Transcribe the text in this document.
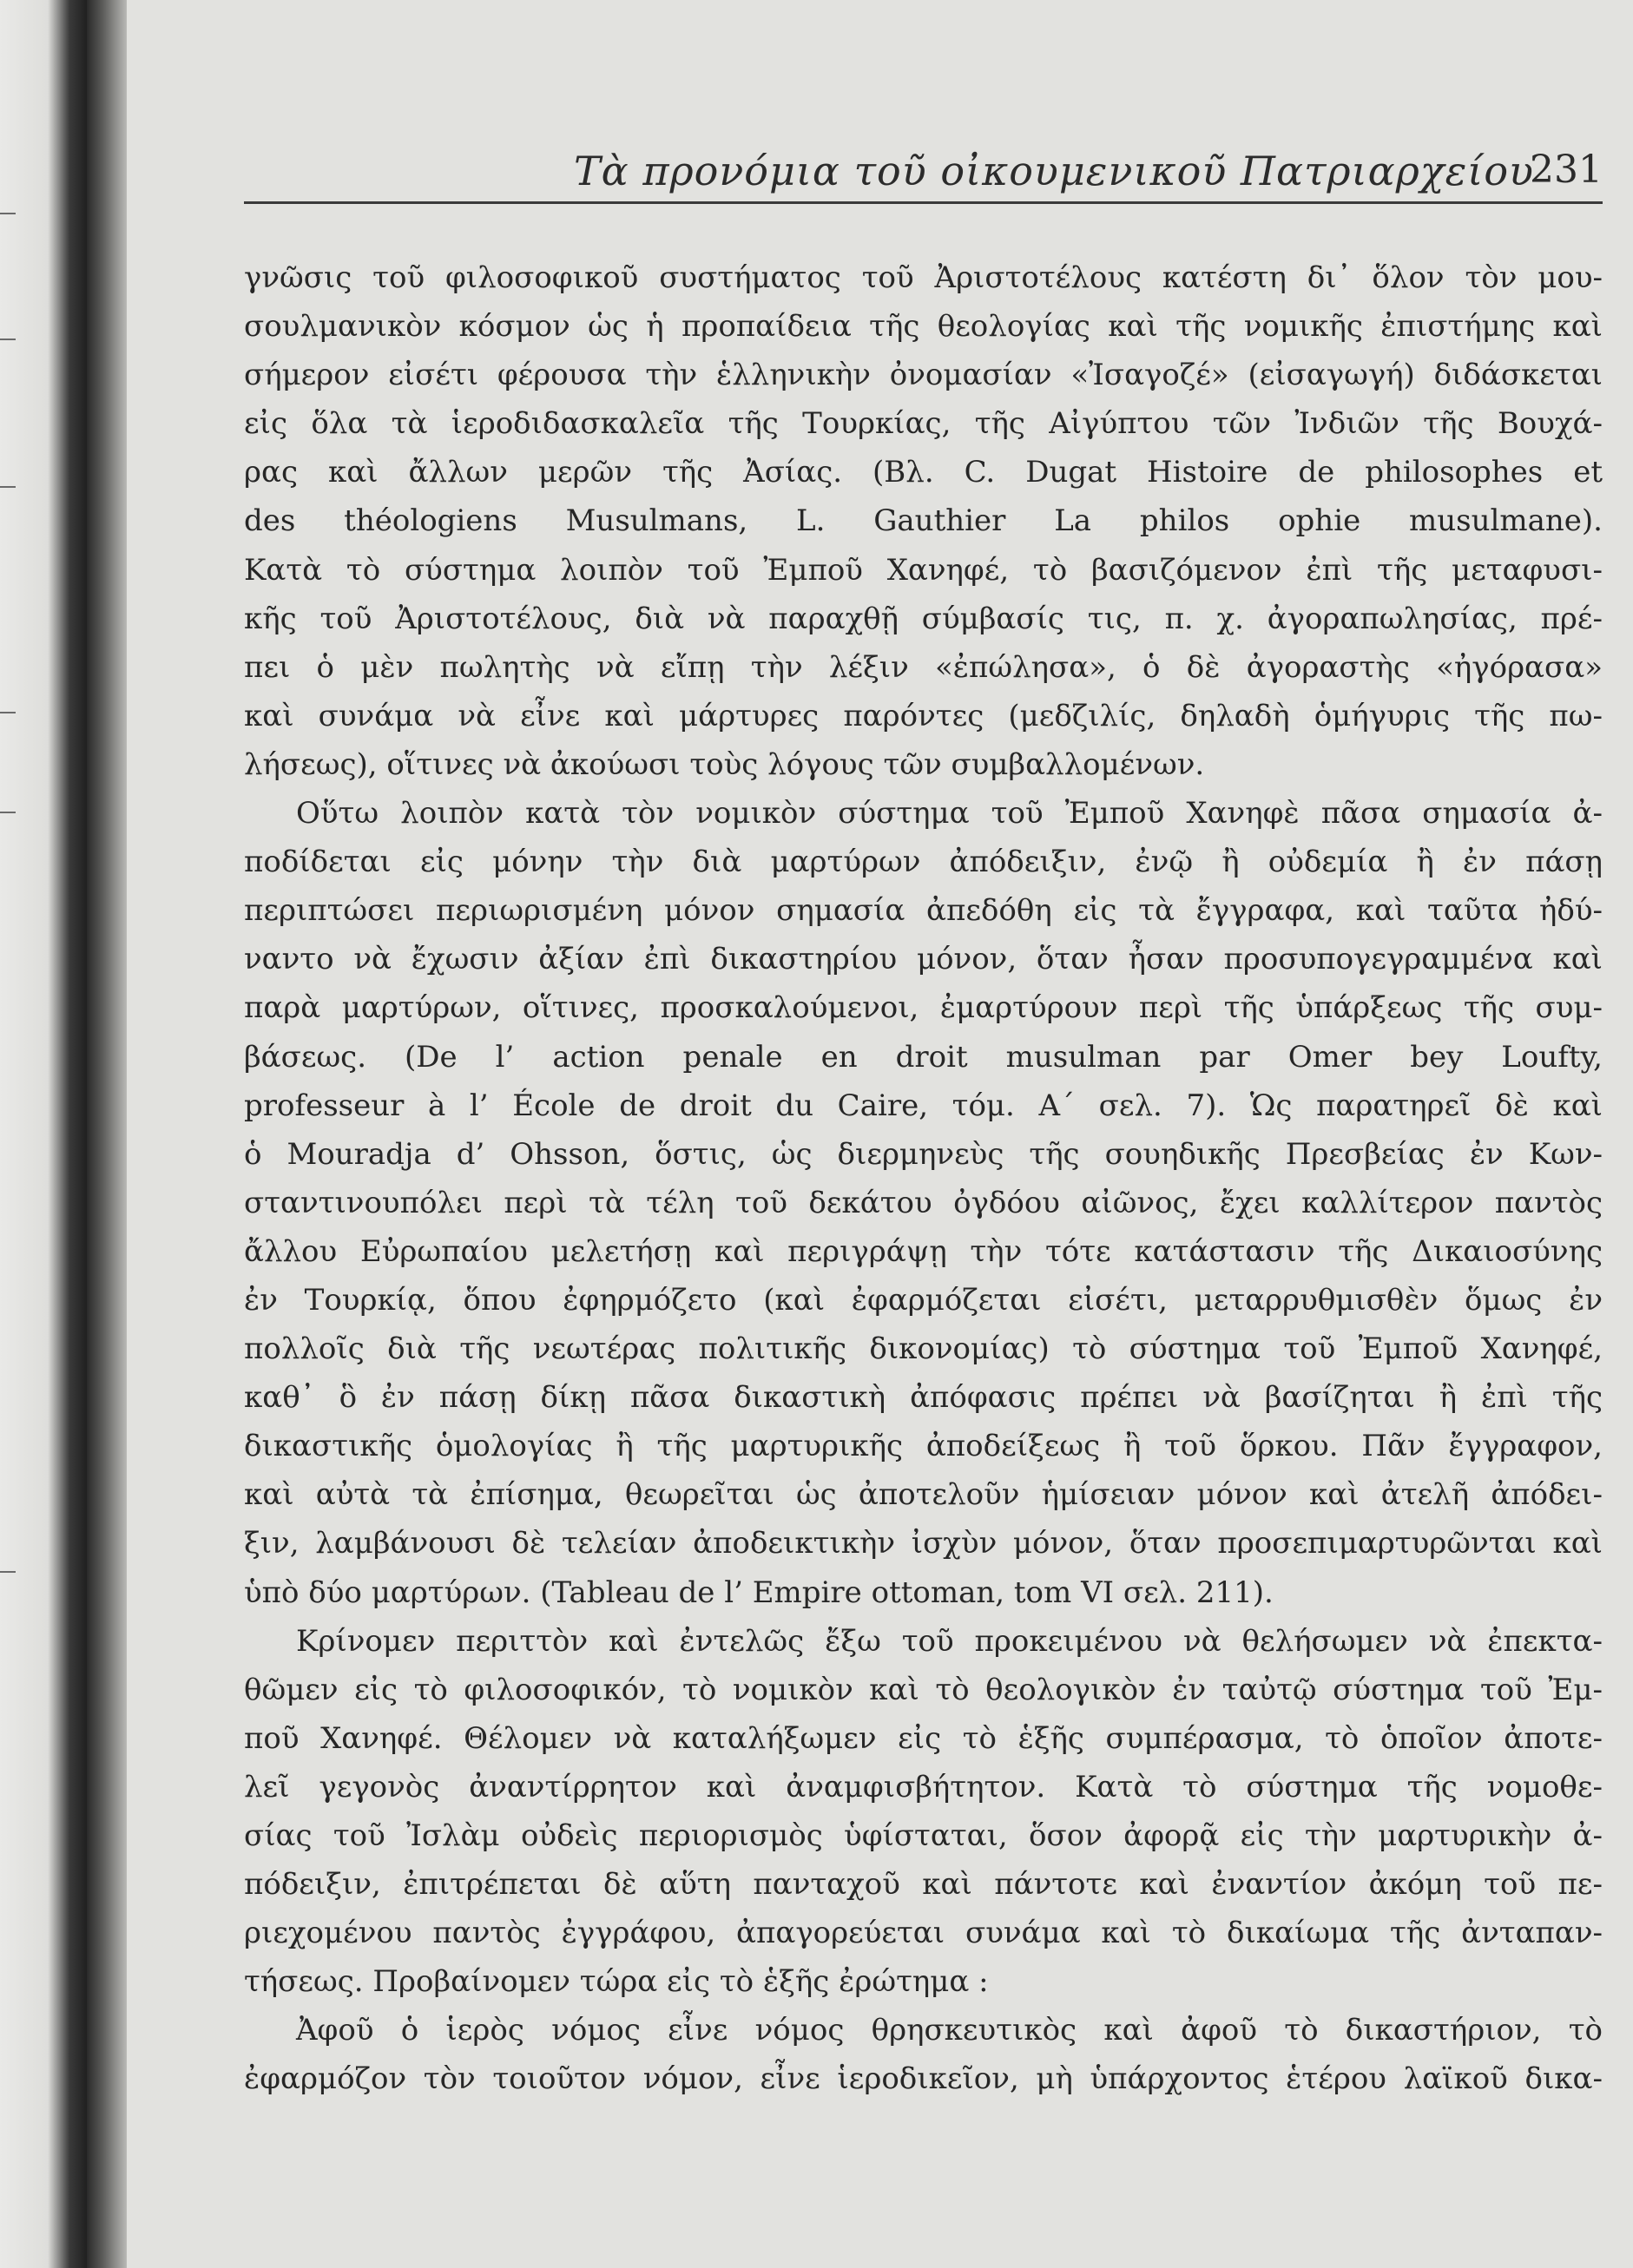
Τὰ προνόμια τοῦ οἰκουμενικοῦ Πατριαρχείου
231
γνῶσις τοῦ φιλοσοφικοῦ συστήματος τοῦ Ἀριστοτέλους κατέστη δι᾽ ὅλον τὸν μου-
σουλμανικὸν κόσμον ὡς ἡ προπαίδεια τῆς θεολογίας καὶ τῆς νομικῆς ἐπιστήμης καὶ
σήμερον εἰσέτι φέρουσα τὴν ἑλληνικὴν ὀνομασίαν «Ἰσαγοζέ» (εἰσαγωγή) διδάσκεται
εἰς ὅλα τὰ ἱεροδιδασκαλεῖα τῆς Τουρκίας, τῆς Αἰγύπτου τῶν Ἰνδιῶν τῆς Βουχά-
ρας καὶ ἄλλων μερῶν τῆς Ἀσίας. (Βλ. C. Dugat Histoire de philosophes et
des théologiens Musulmans, L. Gauthier La philos ophie musulmane).
Κατὰ τὸ σύστημα λοιπὸν τοῦ Ἐμποῦ Χανηφέ, τὸ βασιζόμενον ἐπὶ τῆς μεταφυσι-
κῆς τοῦ Ἀριστοτέλους, διὰ νὰ παραχθῇ σύμβασίς τις, π. χ. ἀγοραπωλησίας, πρέ-
πει ὁ μὲν πωλητὴς νὰ εἴπῃ τὴν λέξιν «ἐπώλησα», ὁ δὲ ἀγοραστὴς «ἠγόρασα»
καὶ συνάμα νὰ εἶνε καὶ μάρτυρες παρόντες (μεδζιλίς, δηλαδὴ ὁμήγυρις τῆς πω-
λήσεως), οἵτινες νὰ ἀκούωσι τοὺς λόγους τῶν συμβαλλομένων.
Οὕτω λοιπὸν κατὰ τὸν νομικὸν σύστημα τοῦ Ἐμποῦ Χανηφὲ πᾶσα σημασία ἀ-
ποδίδεται εἰς μόνην τὴν διὰ μαρτύρων ἀπόδειξιν, ἐνῷ ἢ οὐδεμία ἢ ἐν πάσῃ
περιπτώσει περιωρισμένη μόνον σημασία ἀπεδόθη εἰς τὰ ἔγγραφα, καὶ ταῦτα ἠδύ-
ναντο νὰ ἔχωσιν ἀξίαν ἐπὶ δικαστηρίου μόνον, ὅταν ἦσαν προσυπογεγραμμένα καὶ
παρὰ μαρτύρων, οἵτινες, προσκαλούμενοι, ἐμαρτύρουν περὶ τῆς ὑπάρξεως τῆς συμ-
βάσεως. (De l’ action penale en droit musulman par Omer bey Loufty,
professeur à l’ École de droit du Caire, τόμ. Α΄ σελ. 7). Ὡς παρατηρεῖ δὲ καὶ
ὁ Mouradja d’ Ohsson, ὅστις, ὡς διερμηνεὺς τῆς σουηδικῆς Πρεσβείας ἐν Κων-
σταντινουπόλει περὶ τὰ τέλη τοῦ δεκάτου ὀγδόου αἰῶνος, ἔχει καλλίτερον παντὸς
ἄλλου Εὐρωπαίου μελετήσῃ καὶ περιγράψῃ τὴν τότε κατάστασιν τῆς Δικαιοσύνης
ἐν Τουρκίᾳ, ὅπου ἐφηρμόζετο (καὶ ἐφαρμόζεται εἰσέτι, μεταρρυθμισθὲν ὅμως ἐν
πολλοῖς διὰ τῆς νεωτέρας πολιτικῆς δικονομίας) τὸ σύστημα τοῦ Ἐμποῦ Χανηφέ,
καθ᾽ ὃ ἐν πάσῃ δίκῃ πᾶσα δικαστικὴ ἀπόφασις πρέπει νὰ βασίζηται ἢ ἐπὶ τῆς
δικαστικῆς ὁμολογίας ἢ τῆς μαρτυρικῆς ἀποδείξεως ἢ τοῦ ὅρκου. Πᾶν ἔγγραφον,
καὶ αὐτὰ τὰ ἐπίσημα, θεωρεῖται ὡς ἀποτελοῦν ἡμίσειαν μόνον καὶ ἀτελῆ ἀπόδει-
ξιν, λαμβάνουσι δὲ τελείαν ἀποδεικτικὴν ἰσχὺν μόνον, ὅταν προσεπιμαρτυρῶνται καὶ
ὑπὸ δύο μαρτύρων. (Tableau de l’ Empire ottoman, tom VI σελ. 211).
Κρίνομεν περιττὸν καὶ ἐντελῶς ἔξω τοῦ προκειμένου νὰ θελήσωμεν νὰ ἐπεκτα-
θῶμεν εἰς τὸ φιλοσοφικόν, τὸ νομικὸν καὶ τὸ θεολογικὸν ἐν ταὐτῷ σύστημα τοῦ Ἐμ-
ποῦ Χανηφέ. Θέλομεν νὰ καταλήξωμεν εἰς τὸ ἑξῆς συμπέρασμα, τὸ ὁποῖον ἀποτε-
λεῖ γεγονὸς ἀναντίρρητον καὶ ἀναμφισβήτητον. Κατὰ τὸ σύστημα τῆς νομοθε-
σίας τοῦ Ἰσλὰμ οὐδεὶς περιορισμὸς ὑφίσταται, ὅσον ἀφορᾷ εἰς τὴν μαρτυρικὴν ἀ-
πόδειξιν, ἐπιτρέπεται δὲ αὕτη πανταχοῦ καὶ πάντοτε καὶ ἐναντίον ἀκόμη τοῦ πε-
ριεχομένου παντὸς ἐγγράφου, ἀπαγορεύεται συνάμα καὶ τὸ δικαίωμα τῆς ἀνταπαν-
τήσεως. Προβαίνομεν τώρα εἰς τὸ ἑξῆς ἐρώτημα :
Ἀφοῦ ὁ ἱερὸς νόμος εἶνε νόμος θρησκευτικὸς καὶ ἀφοῦ τὸ δικαστήριον, τὸ
ἐφαρμόζον τὸν τοιοῦτον νόμον, εἶνε ἱεροδικεῖον, μὴ ὑπάρχοντος ἑτέρου λαϊκοῦ δικα-
